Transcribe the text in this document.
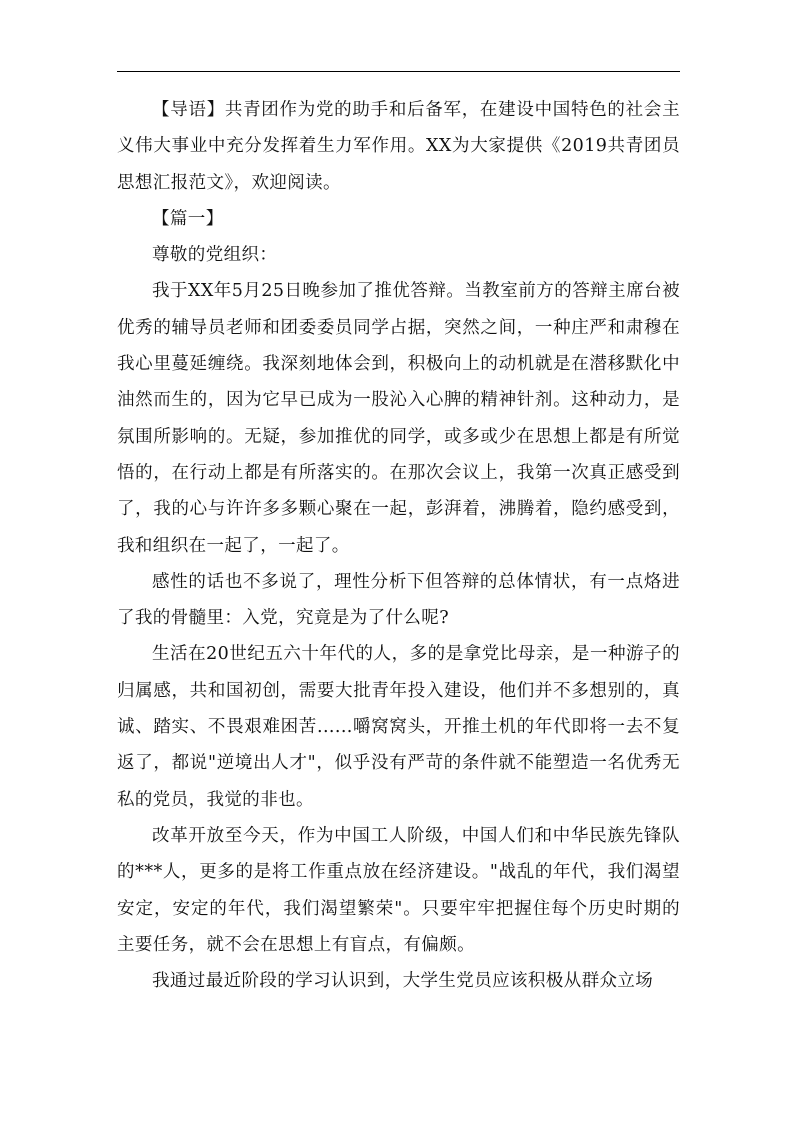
【导语】共青团作为党的助手和后备军，在建设中国特色的社会主义伟大事业中充分发挥着生力军作用。XX为大家提供《2019共青团员思想汇报范文》，欢迎阅读。

【篇一】

尊敬的党组织：

我于XX年5月25日晚参加了推优答辩。当教室前方的答辩主席台被优秀的辅导员老师和团委委员同学占据，突然之间，一种庄严和肃穆在我心里蔓延缠绕。我深刻地体会到，积极向上的动机就是在潜移默化中油然而生的，因为它早已成为一股沁入心脾的精神针剂。这种动力，是氛围所影响的。无疑，参加推优的同学，或多或少在思想上都是有所觉悟的，在行动上都是有所落实的。在那次会议上，我第一次真正感受到了，我的心与许许多多颗心聚在一起，彭湃着，沸腾着，隐约感受到，我和组织在一起了，一起了。

感性的话也不多说了，理性分析下但答辩的总体情状，有一点烙进了我的骨髓里：入党，究竟是为了什么呢?

生活在20世纪五六十年代的人，多的是拿党比母亲，是一种游子的归属感，共和国初创，需要大批青年投入建设，他们并不多想别的，真诚、踏实、不畏艰难困苦......嚼窝窝头，开推土机的年代即将一去不复返了，都说"逆境出人才"，似乎没有严苛的条件就不能塑造一名优秀无私的党员，我觉的非也。

改革开放至今天，作为中国工人阶级，中国人们和中华民族先锋队的***人，更多的是将工作重点放在经济建设。"战乱的年代，我们渴望安定，安定的年代，我们渴望繁荣"。只要牢牢把握住每个历史时期的主要任务，就不会在思想上有盲点，有偏颇。

我通过最近阶段的学习认识到，大学生党员应该积极从群众立场
